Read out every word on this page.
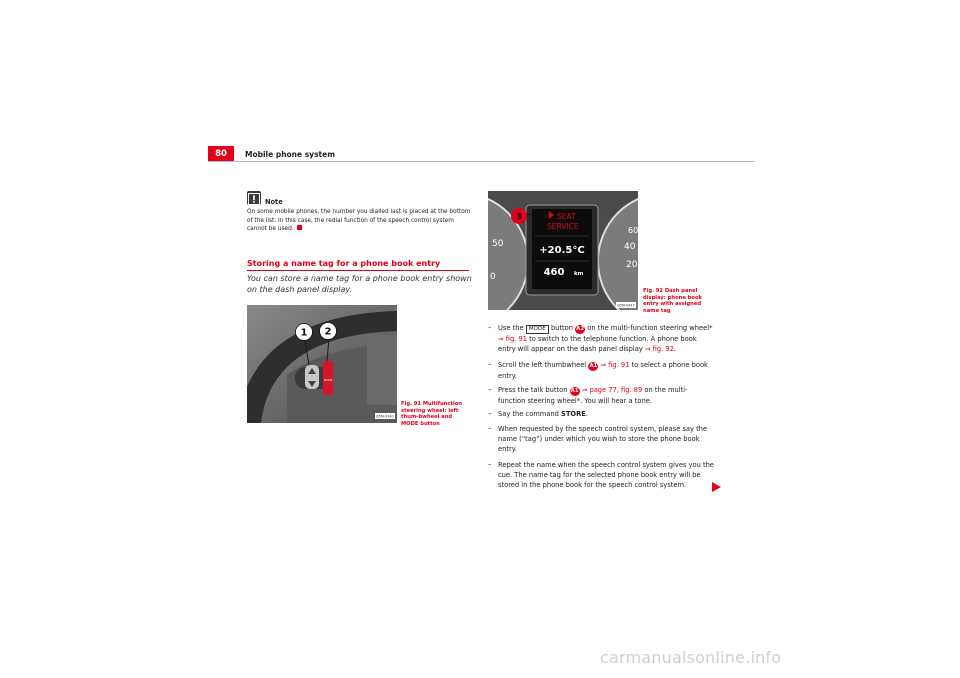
80	Mobile phone system
Note
On some mobile phones, the number you dialled last is placed at the bottom of the list. In this case, the redial function of the speech control system cannot be used.
Storing a name tag for a phone book entry
You can store a name tag for a phone book entry shown on the dash panel display.
1 2
MODE
B5M-0340
Fig. 91 Multifunction steering wheel: left thum-bwheel and MODE button
50
0
60
40
20
SEAT
SERVICE
+20.5°C
460 km
3
B5M-0447
Fig. 92 Dash panel display: phone book entry with assigned name tag
– Use the MODE button A2 on the multi-function steering wheel* ⇒ fig. 91 to switch to the telephone function. A phone book entry will appear on the dash panel display ⇒ fig. 92.
– Scroll the left thumbwheel A1 ⇒ fig. 91 to select a phone book entry.
– Press the talk button A1 ⇒ page 77, fig. 89 on the multi-function steering wheel*. You will hear a tone.
– Say the command STORE.
– When requested by the speech control system, please say the name (“tag”) under which you wish to store the phone book entry.
– Repeat the name when the speech control system gives you the cue. The name tag for the selected phone book entry will be stored in the phone book for the speech control system.
carmanualsonline.info
